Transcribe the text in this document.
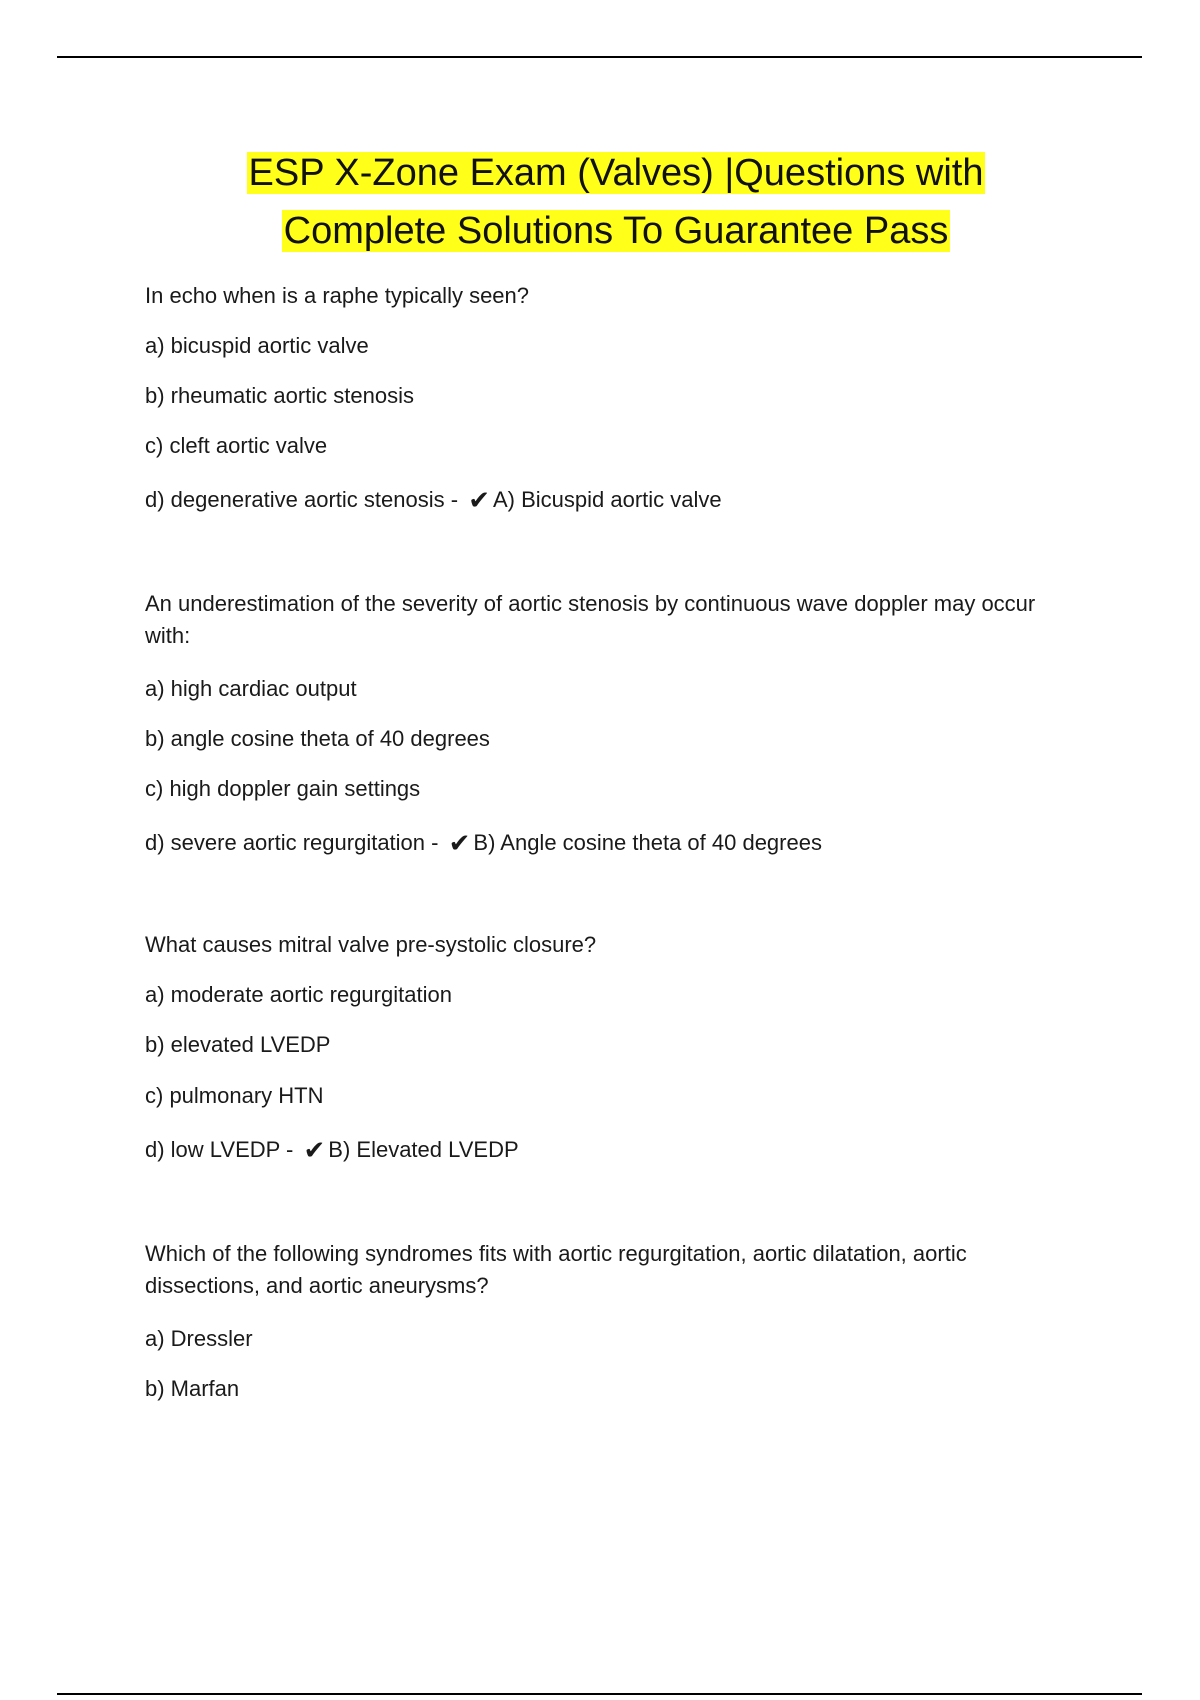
ESP X-Zone Exam (Valves) |Questions with
Complete Solutions To Guarantee Pass
In echo when is a raphe typically seen?
a) bicuspid aortic valve
b) rheumatic aortic stenosis
c) cleft aortic valve
d) degenerative aortic stenosis - ✔ A) Bicuspid aortic valve
An underestimation of the severity of aortic stenosis by continuous wave doppler may occur with:
a) high cardiac output
b) angle cosine theta of 40 degrees
c) high doppler gain settings
d) severe aortic regurgitation - ✔ B) Angle cosine theta of 40 degrees
What causes mitral valve pre-systolic closure?
a) moderate aortic regurgitation
b) elevated LVEDP
c) pulmonary HTN
d) low LVEDP - ✔ B) Elevated LVEDP
Which of the following syndromes fits with aortic regurgitation, aortic dilatation, aortic dissections, and aortic aneurysms?
a) Dressler
b) Marfan
